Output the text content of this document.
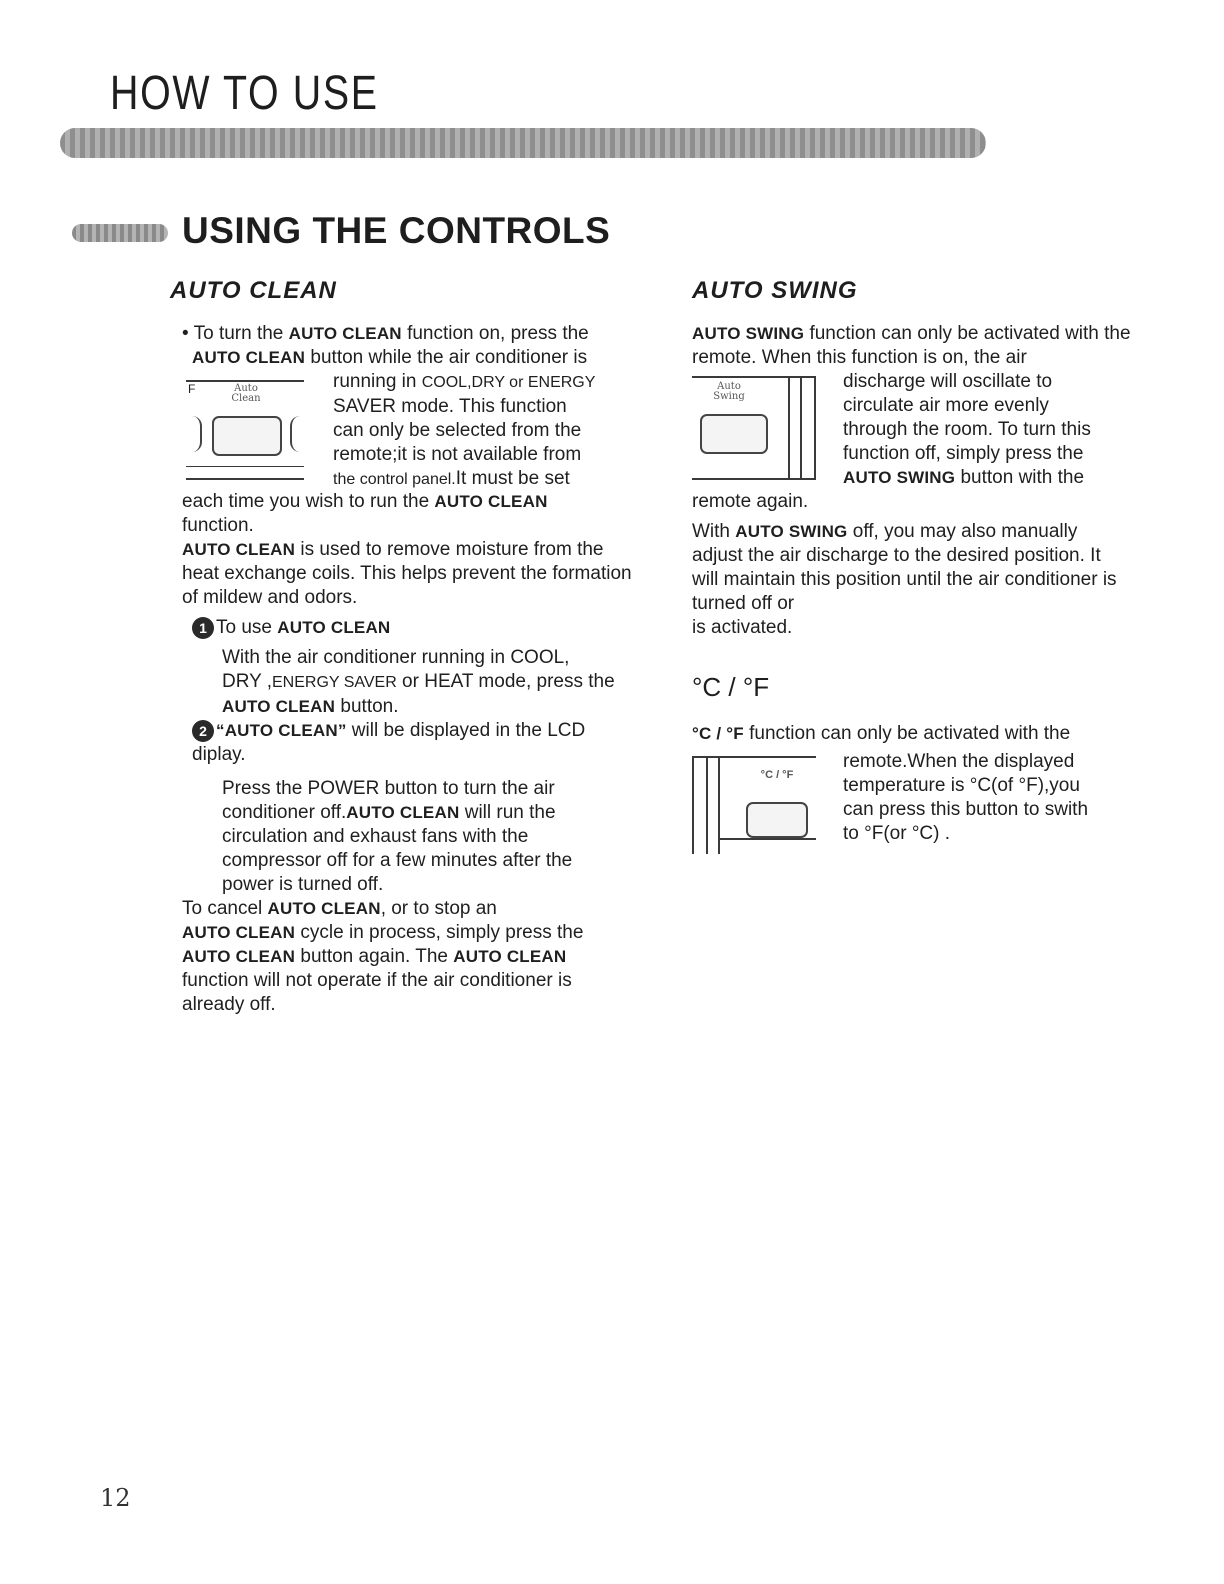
HOW TO USE
USING THE CONTROLS
AUTO CLEAN

• To turn the AUTO CLEAN function on, press the
AUTO CLEAN button while the air conditioner is

F	Auto
Clean

running in COOL,DRY or ENERGY

SAVER mode. This function

can only be selected from the

remote;it is not available from

the control panel.It must be set

each time you wish to run the AUTO CLEAN

function.

AUTO CLEAN is used to remove moisture from the heat exchange coils. This helps prevent the formation of mildew and odors.

1 To use AUTO CLEAN

With the air conditioner running in COOL,
DRY ,ENERGY SAVER or HEAT mode, press the
AUTO CLEAN button.

2 “AUTO CLEAN” will be displayed in the LCD diplay.

Press the POWER button to turn the air conditioner off.AUTO CLEAN will run the circulation and exhaust fans with the compressor off for a few minutes after the power is turned off.

To cancel AUTO CLEAN, or to stop an
AUTO CLEAN cycle in process, simply press the AUTO CLEAN button again. The AUTO CLEAN function will not operate if the air conditioner is already off.

AUTO SWING

AUTO SWING function can only be activated with the remote. When this function is on, the air

Auto
Swing

discharge will oscillate to

circulate air more evenly

through the room. To turn this

function off, simply press the

AUTO SWING button with the

remote again.

With AUTO SWING off, you may also manually adjust the air discharge to the desired position. It will maintain this position until the air conditioner is turned off or
is activated.

°C / °F

°C / °F function can only be activated with the

°C / °F

remote.When the displayed

temperature is °C(of °F),you

can press this button to swith

to °F(or °C) .

12
